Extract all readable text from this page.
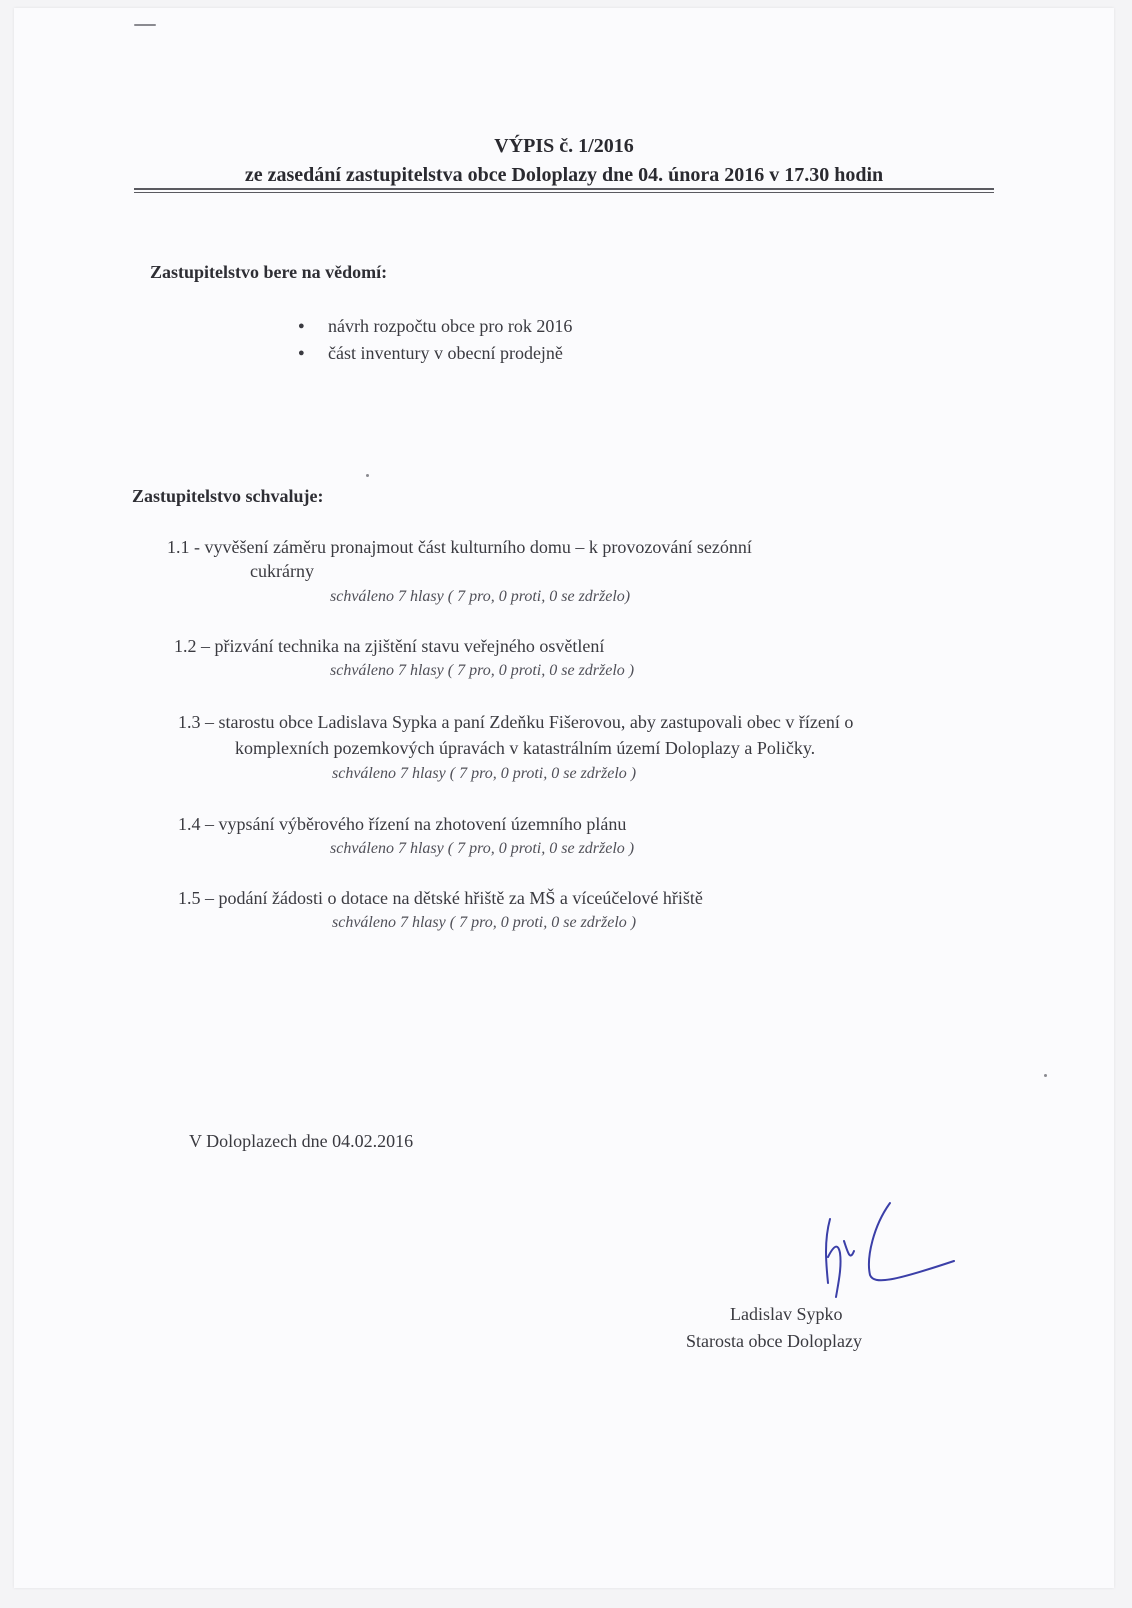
VÝPIS č. 1/2016
ze zasedání zastupitelstva obce Doloplazy dne 04. února 2016 v 17.30 hodin
Zastupitelstvo bere na vědomí:
● návrh rozpočtu obce pro rok 2016
● část inventury v obecní prodejně
Zastupitelstvo schvaluje:
1.1 - vyvěšení záměru pronajmout část kulturního domu – k provozování sezónní
cukrárny
schváleno 7 hlasy ( 7 pro, 0 proti, 0 se zdrželo)
1.2 – přizvání technika na zjištění stavu veřejného osvětlení
schváleno 7 hlasy ( 7 pro, 0 proti, 0 se zdrželo )
1.3 – starostu obce Ladislava Sypka a paní Zdeňku Fišerovou, aby zastupovali obec v řízení o
komplexních pozemkových úpravách v katastrálním území Doloplazy a Poličky.
schváleno 7 hlasy ( 7 pro, 0 proti, 0 se zdrželo )
1.4 – vypsání výběrového řízení na zhotovení územního plánu
schváleno 7 hlasy ( 7 pro, 0 proti, 0 se zdrželo )
1.5 – podání žádosti o dotace na dětské hřiště za MŠ a víceúčelové hřiště
schváleno 7 hlasy ( 7 pro, 0 proti, 0 se zdrželo )
V Doloplazech dne 04.02.2016
Ladislav Sypko
Starosta obce Doloplazy
